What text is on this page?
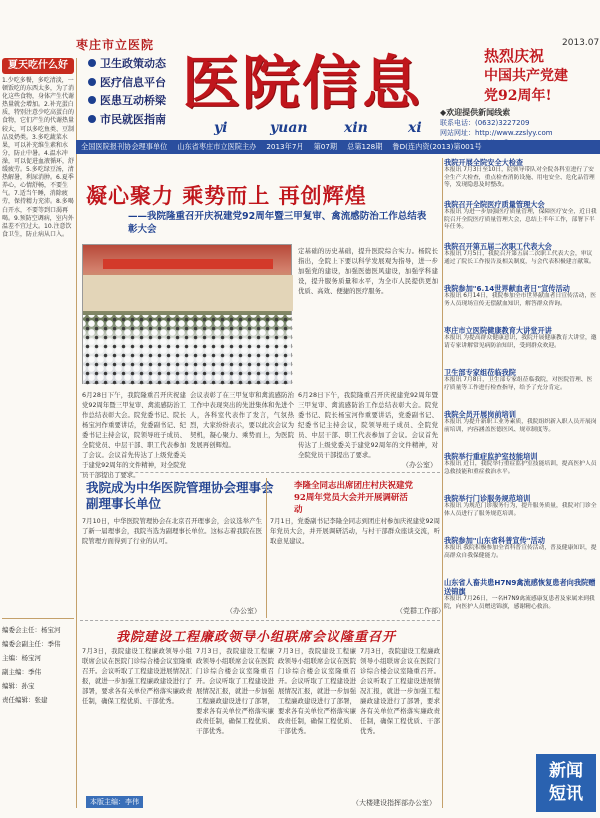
夏天吃什么好
1.少吃多餐，多吃清淡，一顿饭吃的东西太多，为了消化这些食物，身体产生代谢热量就会增加。2.补充蛋白质，特别注意少吃高蛋白的食物，它们产生的代谢热量较大，可以多吃鱼类、豆制品及奶类。3.多吃蔬菜水果，可以补充维生素和水分，防止中暑。4.温水冲澡，可以促进血液循环，舒缓疲劳。5.多吃绿豆汤，清热解暑，利尿消肿。6.夏季养心，心情舒畅，不要生气。7.适当午睡，消除疲劳，保持精力充沛。8.多喝白开水，不要等到口渴再喝。9.预防空调病，室内外温差不宜过大。10.注意饮食卫生，防止病从口入。
编委会主任：杨宝河
编委会副主任：季伟
主编：杨宝河
副主编：季伟
编辑：孙宝
责任编辑：张建
枣庄市立医院	2013.07
卫生政策动态
医疗信息平台
医患互动桥梁
市民就医指南
医院信息
yi	yuan	xin	xi
热烈庆祝
中国共产党建
党92周年!
◆欢迎提供新闻线索
联系电话：(0632)3227209
网站网址：http://www.zzslyy.com
全国医院报刊协会理事单位	山东省枣庄市立医院主办	2013年7月	第07期	总第128期	鲁D(连内资(2013)第001号
凝心聚力 乘势而上 再创辉煌
——我院隆重召开庆祝建党92周年暨三甲复审、禽流感防治工作总结表彰大会
定基础的历史基础，提升医院综合实力。杨院长指出，全院上下要以科学发展观为指导，进一步加强党的建设，加强医德医风建设，加强学科建设，提升服务质量和水平，为全市人民提供更加优质、高效、便捷的医疗服务。
6月28日下午，我院隆重召开庆祝建党92周年暨三甲复审、禽流感防治工作总结表彰大会。院党委书记、院长杨宝河作重要讲话，党委副书记、纪委书记主持会议，院领导班子成员、全院党员、中层干部、职工代表参加了会议。会议首先传达了上级党委关于建党92周年的文件精神，对全院党员干部提出了要求。
会议表彰了在三甲复审和禽流感防治工作中表现突出的先进集体和先进个人，各科室代表作了发言，气氛热烈，大家纷纷表示，要以此次会议为契机，凝心聚力、乘势而上，为医院发展再创辉煌。
6月28日下午，我院隆重召开庆祝建党92周年暨三甲复审、禽流感防治工作总结表彰大会。院党委书记、院长杨宝河作重要讲话，党委副书记、纪委书记主持会议，院领导班子成员、全院党员、中层干部、职工代表参加了会议。会议首先传达了上级党委关于建党92周年的文件精神，对全院党员干部提出了要求。
（办公室）
我院成为中华医院管理协会理事会副理事长单位
7月10日，中华医院管理协会在北京召开理事会，会议选举产生了新一届理事会，我院当选为副理事长单位。这标志着我院在医院管理方面得到了行业的认可。
（办公室）
李隆全同志出席团庄村庆祝建党92周年党员大会并开展调研活动
7月1日，党委副书记李隆全同志到团庄村参加庆祝建党92周年党员大会，并开展调研活动，与村干部群众座谈交流，听取意见建议。
（党群工作部）
我院建设工程廉政领导小组联席会议隆重召开
7月3日，我院建设工程廉政领导小组联席会议在医院门诊综合楼会议室隆重召开。会议听取了工程建设进展情况汇报，就进一步加强工程廉政建设进行了部署，要求各有关单位严格落实廉政责任制，确保工程优质、干部优秀。
7月3日，我院建设工程廉政领导小组联席会议在医院门诊综合楼会议室隆重召开。会议听取了工程建设进展情况汇报，就进一步加强工程廉政建设进行了部署，要求各有关单位严格落实廉政责任制，确保工程优质、干部优秀。
7月3日，我院建设工程廉政领导小组联席会议在医院门诊综合楼会议室隆重召开。会议听取了工程建设进展情况汇报，就进一步加强工程廉政建设进行了部署，要求各有关单位严格落实廉政责任制，确保工程优质、干部优秀。
7月3日，我院建设工程廉政领导小组联席会议在医院门诊综合楼会议室隆重召开。会议听取了工程建设进展情况汇报，就进一步加强工程廉政建设进行了部署，要求各有关单位严格落实廉政责任制，确保工程优质、干部优秀。
（大楼建设指挥部办公室）
本版主编：李伟
我院开展全院安全大检查

本报讯 7月3日至10日，院领导带队对全院各科室进行了安全生产大检查，重点检查消防设施、用电安全、危化品管理等，发现隐患及时整改。

我院召开全院医疗质量管理大会

本报讯 为进一步加强医疗质量管理，保障医疗安全，近日我院召开全院医疗质量管理大会，总结上半年工作，部署下半年任务。

我院召开第五届二次职工代表大会

本报讯 7月5日，我院召开第五届二次职工代表大会，审议通过了院长工作报告及相关制度，与会代表积极建言献策。

我院参加"6.14世界献血者日"宣传活动

本报讯 6月14日，我院参加全市世界献血者日宣传活动，医务人员现场宣传无偿献血知识，解答群众咨询。

枣庄市立医院健康教育大讲堂开讲

本报讯 为提高群众健康意识，我院开展健康教育大讲堂，邀请专家讲解常见病防治知识，受到群众欢迎。

卫生部专家组莅临我院

本报讯 7月8日，卫生部专家组莅临我院，对医院管理、医疗质量等工作进行检查指导，给予了充分肯定。

我院全员开展岗前培训

本报讯 为提升新职工业务素质，我院组织新入职人员开展岗前培训，内容涵盖医德医风、规章制度等。

我院举行重症监护室技能培训

本报讯 近日，我院举行重症监护室技能培训，提高医护人员急救技能和重症救治水平。

我院举行门诊服务规范培训

本报讯 为规范门诊服务行为，提升服务质量，我院对门诊全体人员进行了服务规范培训。

我院参加"山东省科普宣传"活动

本报讯 我院积极参加全省科普宣传活动，普及健康知识，提高群众自我保健能力。

山东省人畜共患H7N9禽流感恢复患者向我院赠送锦旗

本报讯 7月26日，一名H7N9禽流感康复患者及家属来到我院，向医护人员赠送锦旗，感谢精心救治。

新闻
短讯
